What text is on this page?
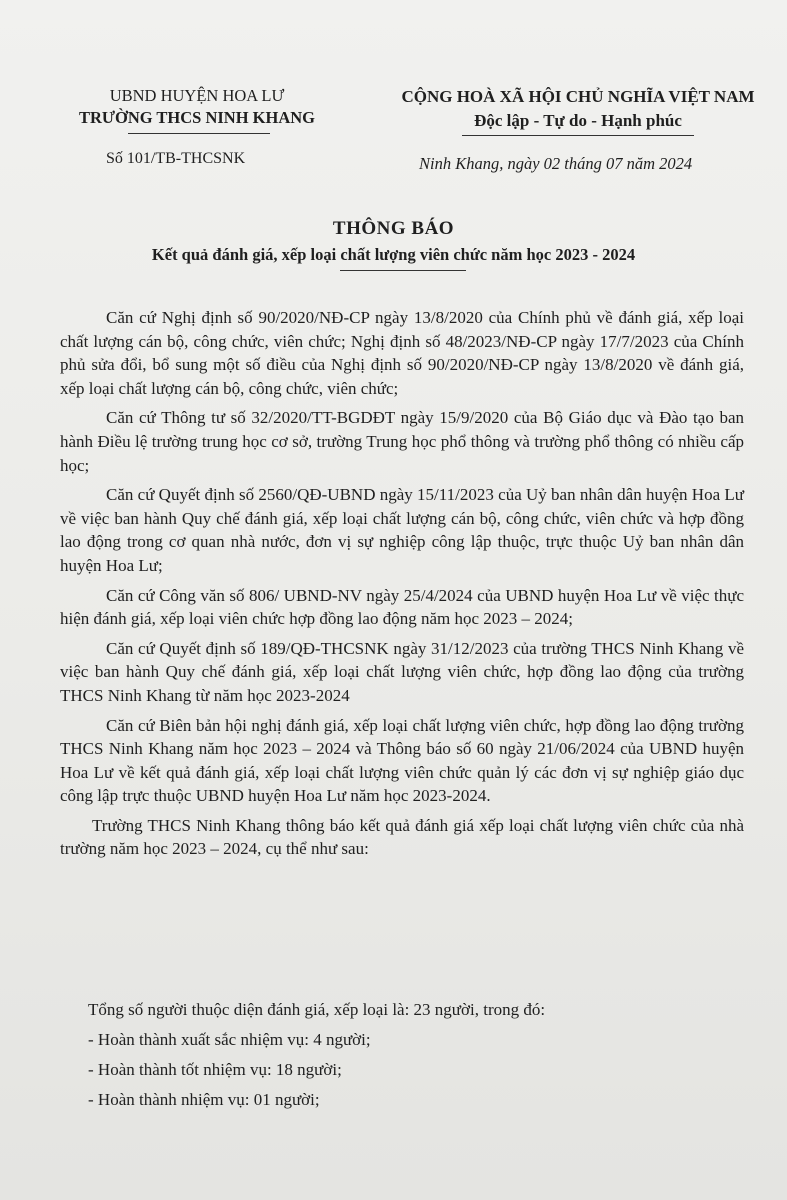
UBND HUYỆN HOA LƯ
TRƯỜNG THCS NINH KHANG
CỘNG HOÀ XÃ HỘI CHỦ NGHĨA VIỆT NAM
Độc lập - Tự do - Hạnh phúc
Số 101/TB-THCSNK	Ninh Khang, ngày 02 tháng 07 năm 2024
THÔNG BÁO
Kết quả đánh giá, xếp loại chất lượng viên chức năm học 2023 - 2024

Căn cứ Nghị định số 90/2020/NĐ-CP ngày 13/8/2020 của Chính phủ về đánh giá, xếp loại chất lượng cán bộ, công chức, viên chức; Nghị định số 48/2023/NĐ-CP ngày 17/7/2023 của Chính phủ sửa đổi, bổ sung một số điều của Nghị định số 90/2020/NĐ-CP ngày 13/8/2020 về đánh giá, xếp loại chất lượng cán bộ, công chức, viên chức;

Căn cứ Thông tư số 32/2020/TT-BGDĐT ngày 15/9/2020 của Bộ Giáo dục và Đào tạo ban hành Điều lệ trường trung học cơ sở, trường Trung học phổ thông và trường phổ thông có nhiều cấp học;

Căn cứ Quyết định số 2560/QĐ-UBND ngày 15/11/2023 của Uỷ ban nhân dân huyện Hoa Lư về việc ban hành Quy chế đánh giá, xếp loại chất lượng cán bộ, công chức, viên chức và hợp đồng lao động trong cơ quan nhà nước, đơn vị sự nghiệp công lập thuộc, trực thuộc Uỷ ban nhân dân huyện Hoa Lư;

Căn cứ Công văn số 806/ UBND-NV ngày 25/4/2024 của UBND huyện Hoa Lư về việc thực hiện đánh giá, xếp loại viên chức hợp đồng lao động năm học 2023 – 2024;

Căn cứ Quyết định số 189/QĐ-THCSNK ngày 31/12/2023 của trường THCS Ninh Khang về việc ban hành Quy chế đánh giá, xếp loại chất lượng viên chức, hợp đồng lao động của trường THCS Ninh Khang từ năm học 2023-2024

Căn cứ Biên bản hội nghị đánh giá, xếp loại chất lượng viên chức, hợp đồng lao động trường THCS Ninh Khang năm học 2023 – 2024 và Thông báo số 60 ngày 21/06/2024 của UBND huyện Hoa Lư về kết quả đánh giá, xếp loại chất lượng viên chức quản lý các đơn vị sự nghiệp giáo dục công lập trực thuộc UBND huyện Hoa Lư năm học 2023-2024.

Trường THCS Ninh Khang thông báo kết quả đánh giá xếp loại chất lượng viên chức của nhà trường năm học 2023 – 2024, cụ thể như sau:

Tổng số người thuộc diện đánh giá, xếp loại là: 23 người, trong đó:
- Hoàn thành xuất sắc nhiệm vụ: 4 người;
- Hoàn thành tốt nhiệm vụ: 18 người;
- Hoàn thành nhiệm vụ: 01 người;
